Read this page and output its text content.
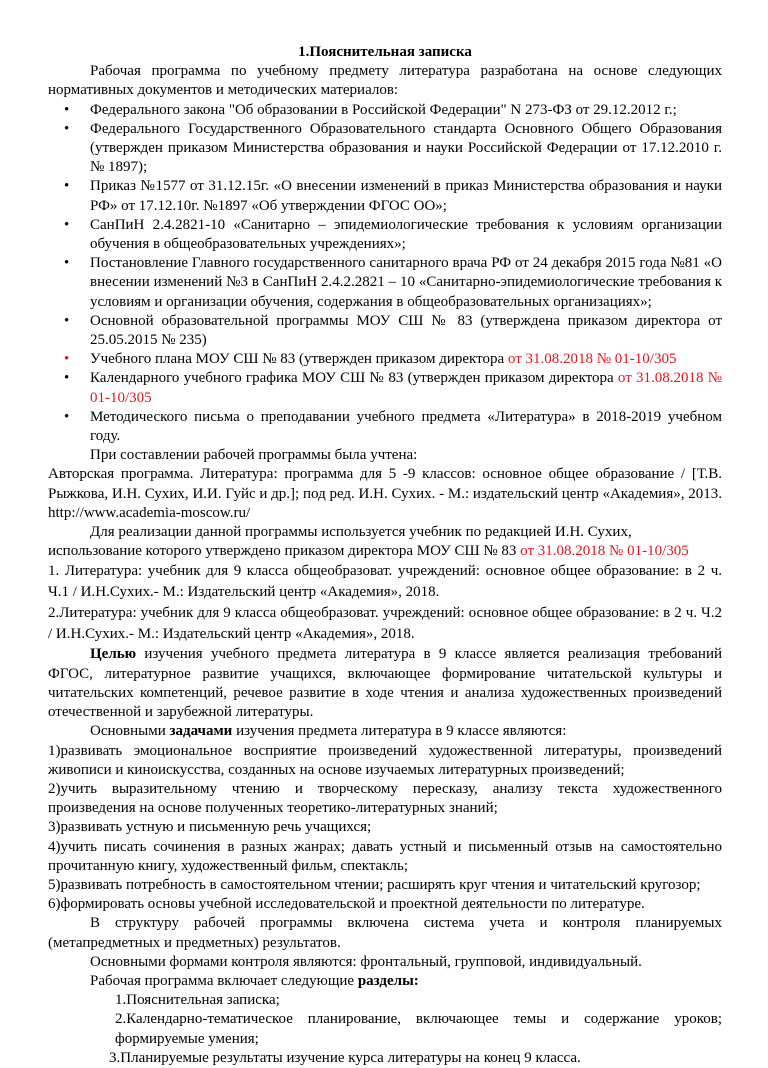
1.Пояснительная записка

Рабочая программа по учебному предмету литература разработана на основе следующих нормативных документов и методических материалов:

• Федерального закона "Об образовании в Российской Федерации" N 273-ФЗ от 29.12.2012 г.;
• Федерального Государственного Образовательного стандарта Основного Общего Образования (утвержден приказом Министерства образования и науки Российской Федерации от 17.12.2010 г. № 1897);
• Приказ №1577 от 31.12.15г. «О внесении изменений в приказ Министерства образования и науки РФ» от 17.12.10г. №1897 «Об утверждении ФГОС ОО»;
• СанПиН 2.4.2821-10 «Санитарно – эпидемиологические требования к условиям организации обучения в общеобразовательных учреждениях»;
• Постановление Главного государственного санитарного врача РФ от 24 декабря 2015 года №81 «О внесении изменений №3 в СанПиН 2.4.2.2821 – 10 «Санитарно-эпидемиологические требования к условиям и организации обучения, содержания в общеобразовательных организациях»;
• Основной образовательной программы МОУ СШ № 83 (утверждена приказом директора от 25.05.2015 № 235)
• Учебного плана МОУ СШ № 83 (утвержден приказом директора от 31.08.2018 № 01-10/305
• Календарного учебного графика МОУ СШ № 83 (утвержден приказом директора от 31.08.2018 № 01-10/305
• Методического письма о преподавании учебного предмета «Литература» в 2018-2019 учебном году.

При составлении рабочей программы была учтена:

Авторская программа. Литература: программа для 5 -9 классов: основное общее образование / [Т.В. Рыжкова, И.Н. Сухих, И.И. Гуйс и др.]; под ред. И.Н. Сухих. - М.: издательский центр «Академия», 2013. http://www.academia-moscow.ru/

Для реализации данной программы используется учебник по редакцией И.Н. Сухих,

использование которого утверждено приказом директора МОУ СШ № 83 от 31.08.2018 № 01-10/305

1. Литература: учебник для 9 класса общеобразоват. учреждений: основное общее образование: в 2 ч. Ч.1 / И.Н.Сухих.- М.: Издательский центр «Академия», 2018.

2.Литература: учебник для 9 класса общеобразоват. учреждений: основное общее образование: в 2 ч. Ч.2 / И.Н.Сухих.- М.: Издательский центр «Академия», 2018.

Целью изучения учебного предмета литература в 9 классе является реализация требований ФГОС, литературное развитие учащихся, включающее формирование читательской культуры и читательских компетенций, речевое развитие в ходе чтения и анализа художественных произведений отечественной и зарубежной литературы.

Основными задачами изучения предмета литература в 9 классе являются:

1)развивать эмоциональное восприятие произведений художественной литературы, произведений живописи и киноискусства, созданных на основе изучаемых литературных произведений;

2)учить выразительному чтению и творческому пересказу, анализу текста художественного произведения на основе полученных теоретико-литературных знаний;

3)развивать устную и письменную речь учащихся;

4)учить писать сочинения в разных жанрах; давать устный и письменный отзыв на самостоятельно прочитанную книгу, художественный фильм, спектакль;

5)развивать потребность в самостоятельном чтении; расширять круг чтения и читательский кругозор;

6)формировать основы учебной исследовательской и проектной деятельности по литературе.

В структуру рабочей программы включена система учета и контроля планируемых (метапредметных и предметных) результатов.

Основными формами контроля являются: фронтальный, групповой, индивидуальный.

Рабочая программа включает следующие разделы:

1.Пояснительная записка;

2.Календарно-тематическое планирование, включающее темы и содержание уроков; формируемые умения;

3.Планируемые результаты изучение курса литературы на конец 9 класса.
